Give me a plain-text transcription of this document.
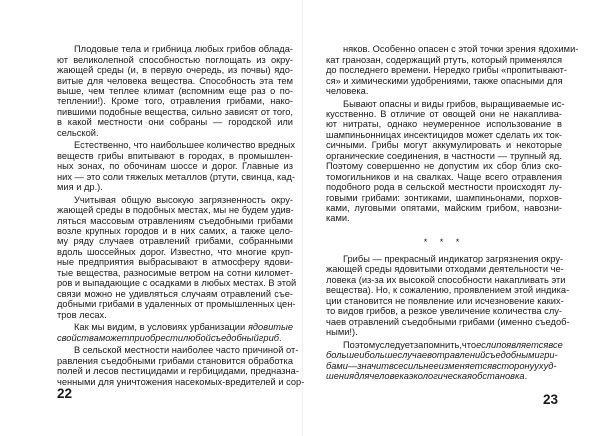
Плодовые тела и грибница любых грибов облада-
ют великолепной способностью поглощать из окру-
жающей среды (и, в первую очередь, из почвы) ядо-
витые для человека вещества. Способность эта тем
выше, чем теплее климат (вспомним еще раз о по-
теплении!). Кроме того, отравления грибами, нако-
пившими подобные вещества, сильно зависят от того,
в какой местности они собраны — городской или
сельской.
Естественно, что наибольшее количество вредных
веществ грибы впитывают в городах, в промышлен-
ных зонах, по обочинам шоссе и дорог. Главные из
них — это соли тяжелых металлов (ртути, свинца, кад-
мия и др.).
Учитывая общую высокую загрязненность окру-
жающей среды в подобных местах, мы не будем удив-
ляться массовым отравлениям съедобными грибами
возле крупных городов и в них самих, а также цело-
му ряду случаев отравлений грибами, собранными
вдоль шоссейных дорог. Известно, что многие круп-
ные предприятия выбрасывают в атмосферу ядови-
тые вещества, разносимые ветром на сотни километ-
ров и выпадающие с осадками в любых местах. В этой
связи можно не удивляться случаям отравлений съе-
добными грибами в удаленных от промышленных цен-
тров лесах.
Как мы видим, в условиях урбанизации ядовитые
свойстваможетприобрестилюбойсъедобныйгриб.
В сельской местности наиболее часто причиной от-
равления съедобными грибами становится обработка
полей и лесов пестицидами и гербицидами, предназна-
ченными для уничтожения насекомых-вредителей и сор-
22
няков. Особенно опасен с этой точки зрения ядохими-
кат гранозан, содержащий ртуть, который применялся
до последнего времени. Нередко грибы «пропитывают-
ся» и химическими удобрениями, также опасными для
человека.
Бывают опасны и виды грибов, выращиваемые ис-
кусственно. В отличие от овощей они не накаплива-
ют нитраты, однако неумеренное использование в
шампиньонницах инсектицидов может сделать их ток-
сичными. Грибы могут аккумулировать и некоторые
органические соединения, в частности — трупный яд.
Поэтому совершенно не допустим их сбор близ ско-
томогильников и на свалках. Чаще всего отравления
подобного рода в сельской местности происходят лу-
говыми грибами: зонтиками, шампиньонами, порхов-
ками, луговыми опятами, майским грибом, навозни-
ками.
* * *
Грибы — прекрасный индикатор загрязнения окру-
жающей среды ядовитыми отходами деятельности че-
ловека (из-за их высокой способности накапливать эти
вещества). Но, к сожалению, проявлением этой индика-
ции становится не появление или исчезновение каких-
то видов грибов, а резкое увеличение количества слу-
чаев отравлений съедобными грибами (именно съедоб-
ными!).
Поэтомуследуетзапомнить,чтоеслипоявляетсявсе
большеибольшеслучаевотравленийсъедобнымигри-
бами—значитвсесильнееизменяетсявсторонуухуд-
шениядлячеловекаэкологическаяобстановка.
23
